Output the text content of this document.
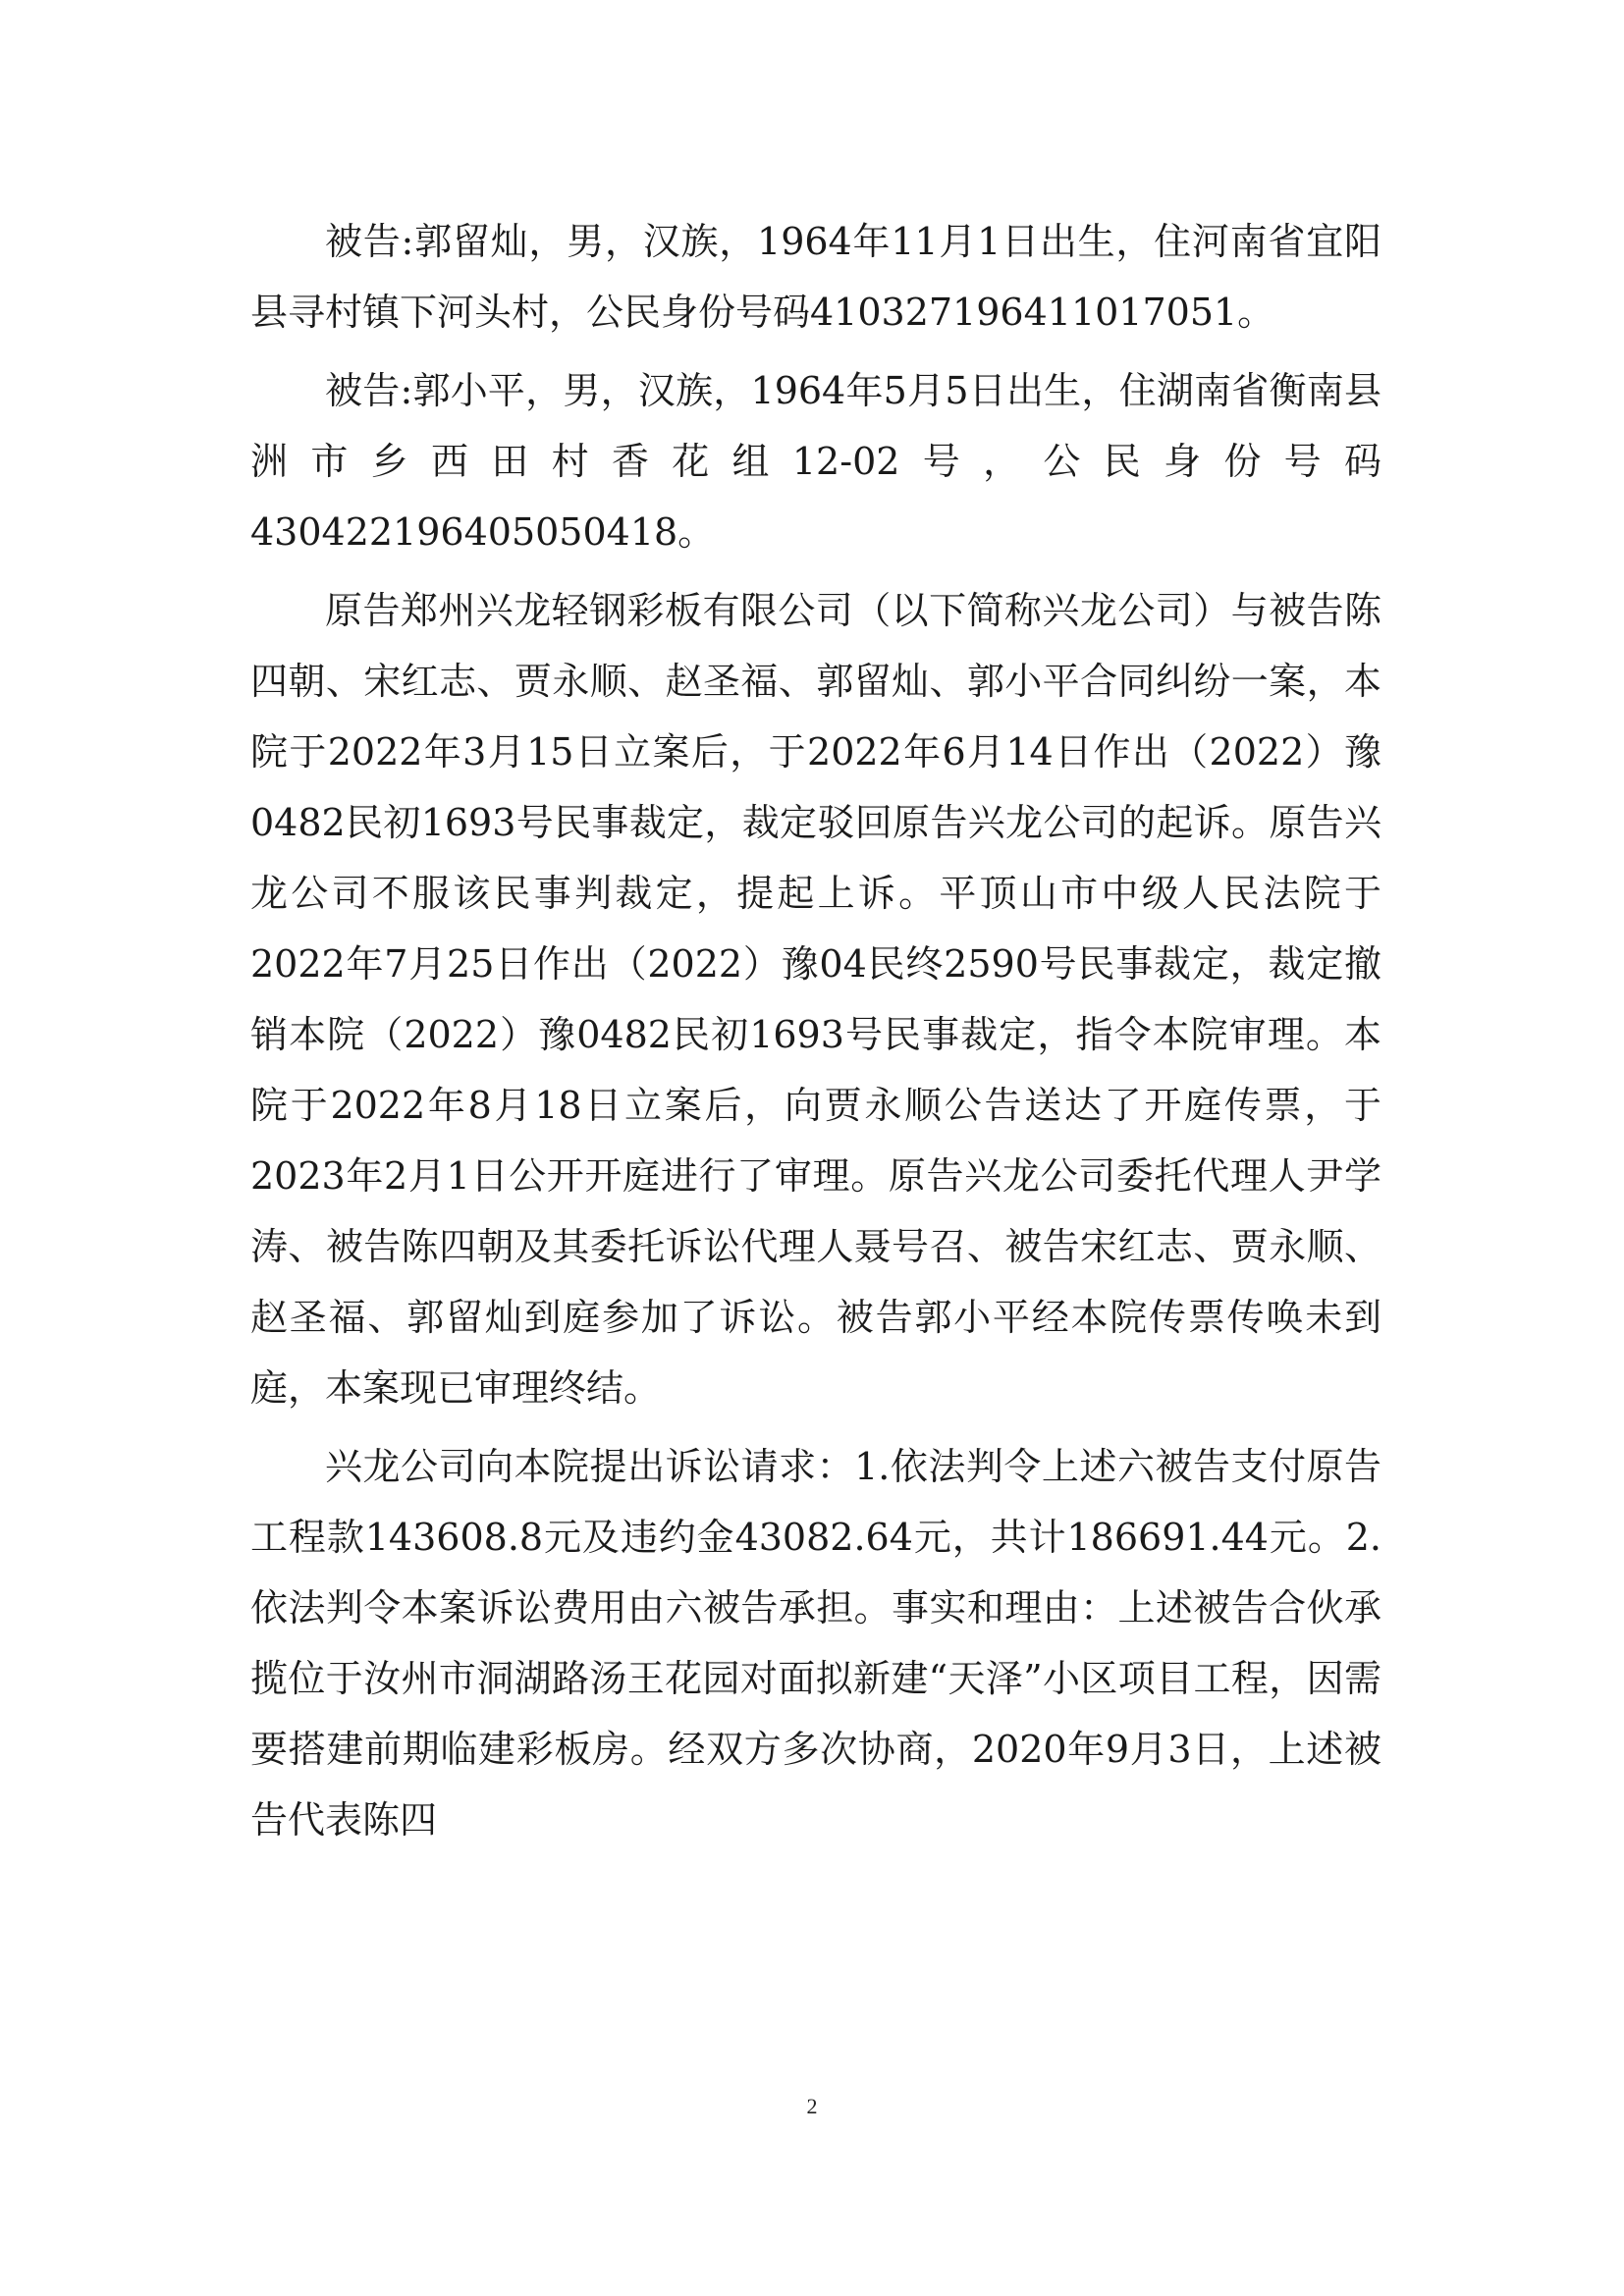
被告:郭留灿，男，汉族，1964年11月1日出生，住河南省宜阳县寻村镇下河头村，公民身份号码410327196411017051。

被告:郭小平，男，汉族，1964年5月5日出生，住湖南省衡南县洲市乡西田村香花组12-02号，公民身份号码430422196405050418。

原告郑州兴龙轻钢彩板有限公司（以下简称兴龙公司）与被告陈四朝、宋红志、贾永顺、赵圣福、郭留灿、郭小平合同纠纷一案，本院于2022年3月15日立案后，于2022年6月14日作出（2022）豫0482民初1693号民事裁定，裁定驳回原告兴龙公司的起诉。原告兴龙公司不服该民事判裁定，提起上诉。平顶山市中级人民法院于2022年7月25日作出（2022）豫04民终2590号民事裁定，裁定撤销本院（2022）豫0482民初1693号民事裁定，指令本院审理。本院于2022年8月18日立案后，向贾永顺公告送达了开庭传票，于2023年2月1日公开开庭进行了审理。原告兴龙公司委托代理人尹学涛、被告陈四朝及其委托诉讼代理人聂号召、被告宋红志、贾永顺、赵圣福、郭留灿到庭参加了诉讼。被告郭小平经本院传票传唤未到庭，本案现已审理终结。

兴龙公司向本院提出诉讼请求：1.依法判令上述六被告支付原告工程款143608.8元及违约金43082.64元，共计186691.44元。2.依法判令本案诉讼费用由六被告承担。事实和理由：上述被告合伙承揽位于汝州市洞湖路汤王花园对面拟新建“天泽”小区项目工程，因需要搭建前期临建彩板房。经双方多次协商，2020年9月3日，上述被告代表陈四

2
